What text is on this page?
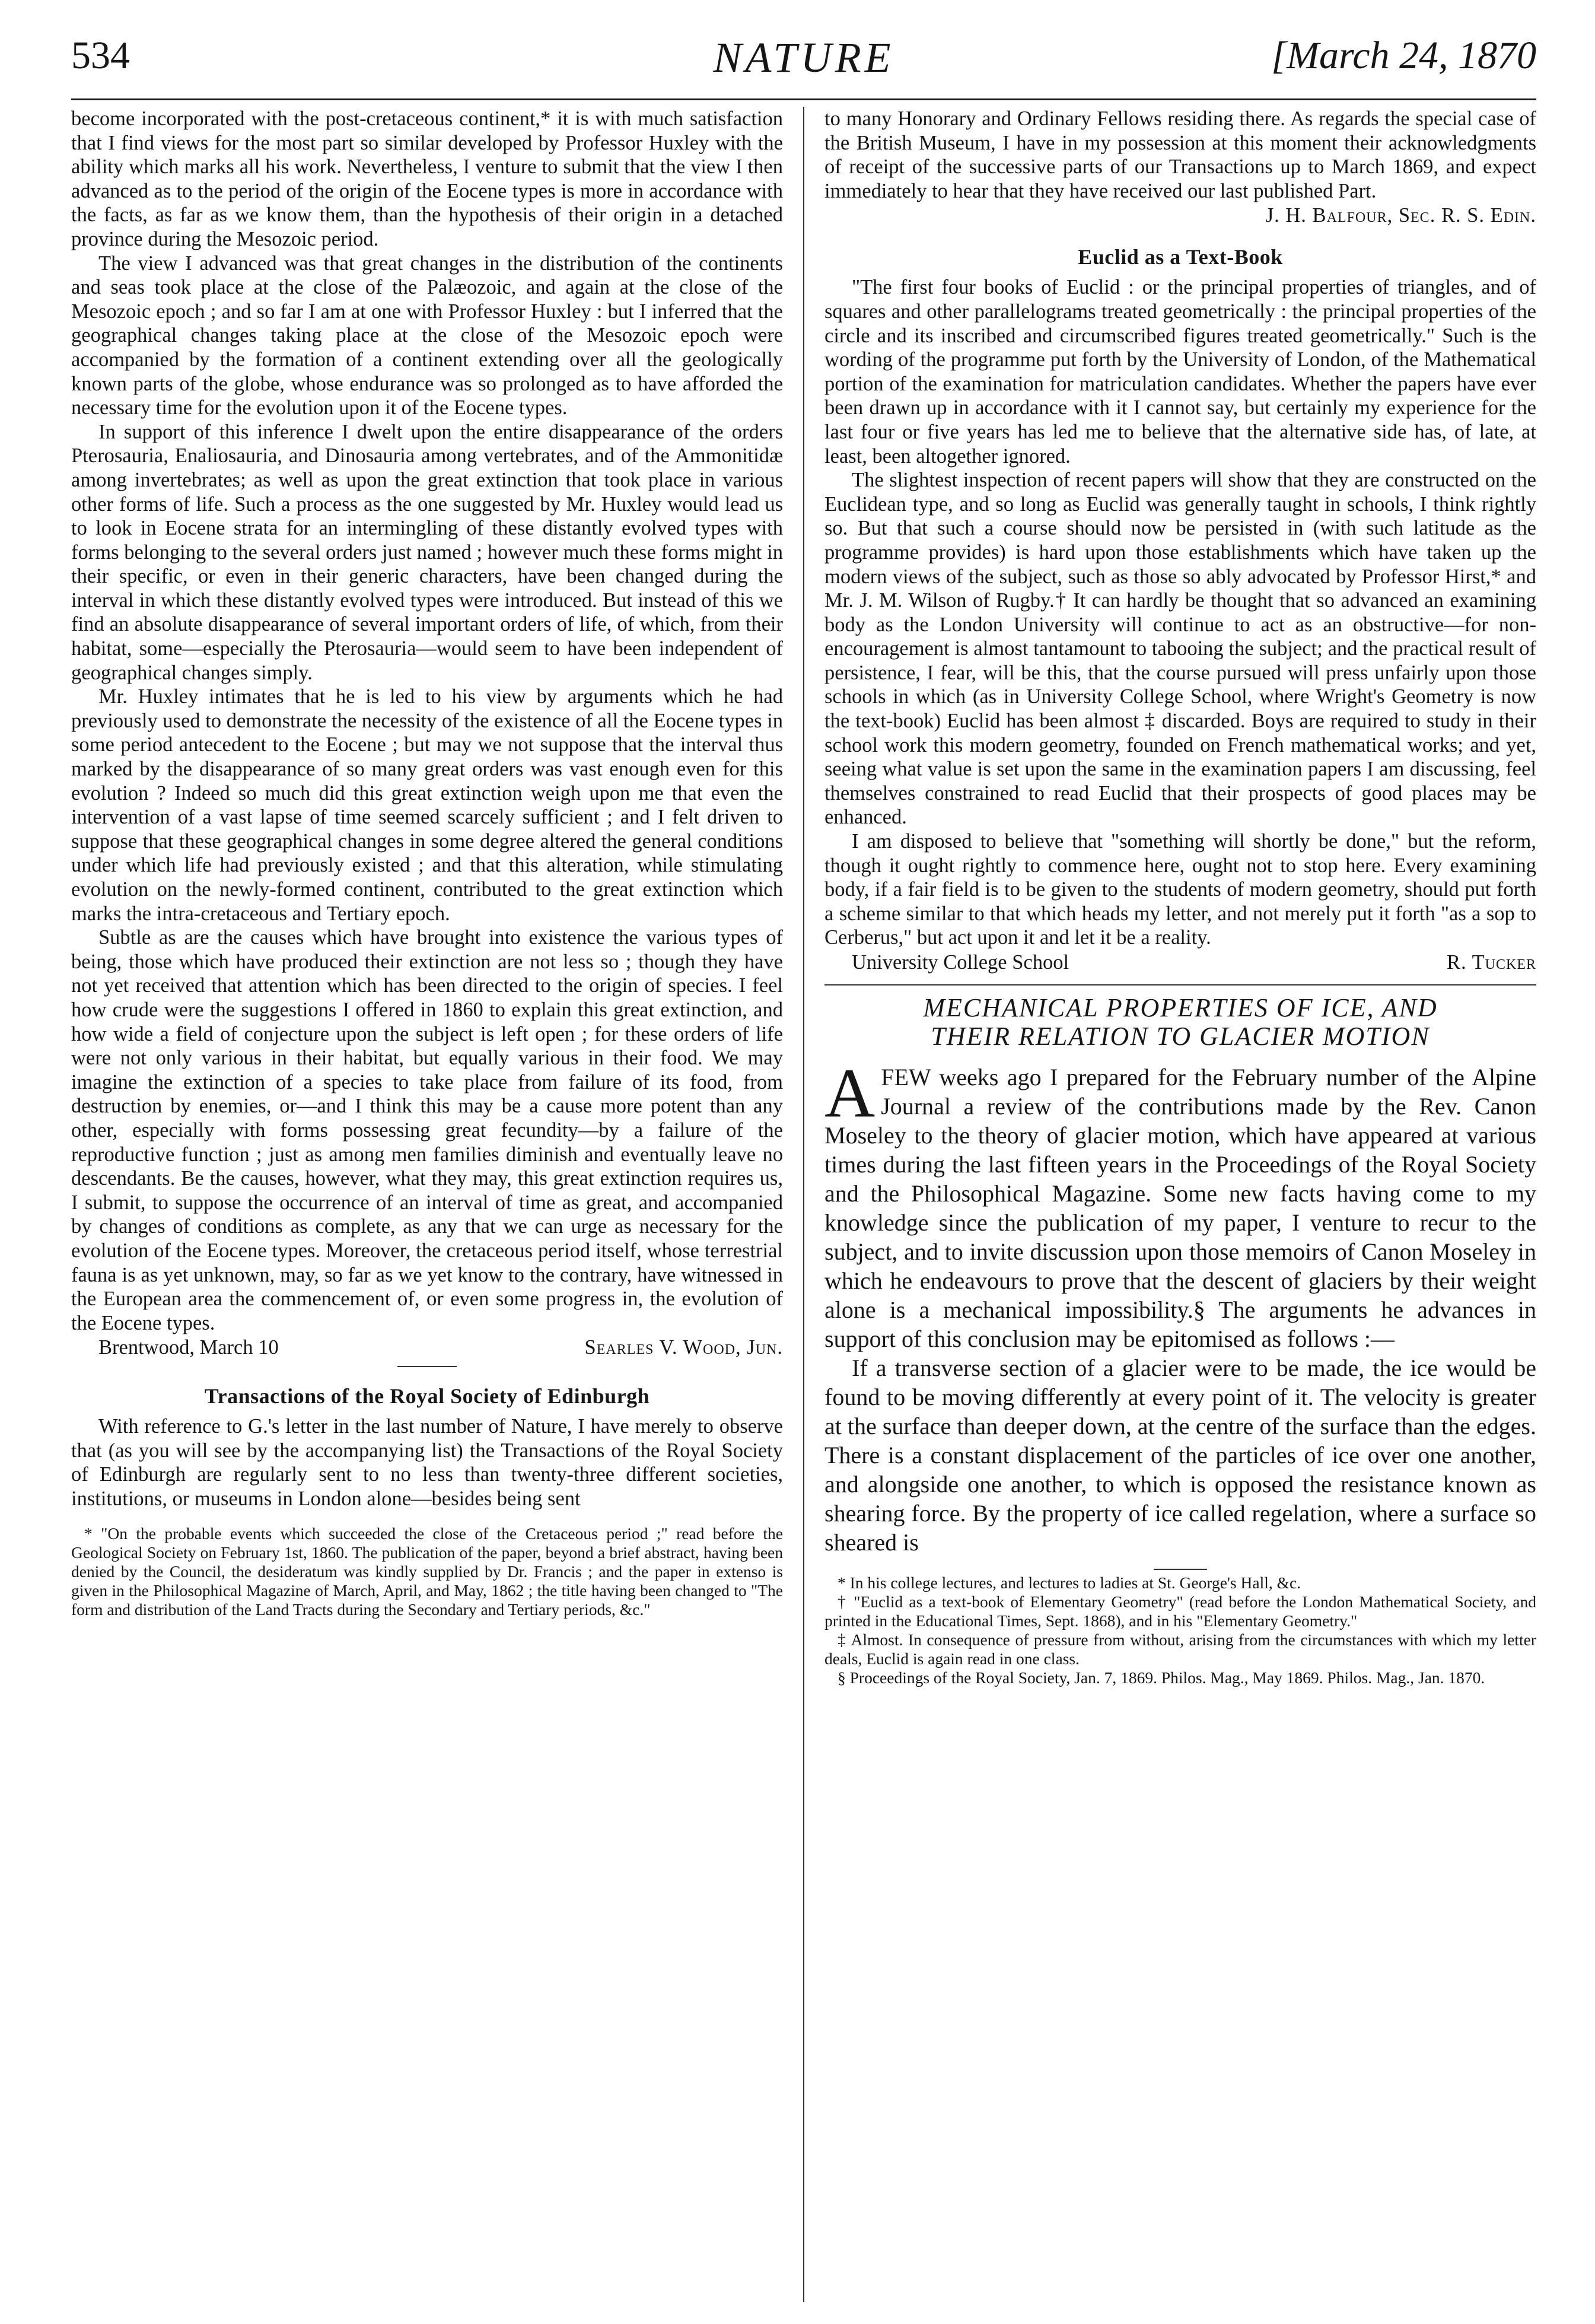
534	NATURE	[March 24, 1870

become incorporated with the post-cretaceous continent,* it is with much satisfaction that I find views for the most part so similar developed by Professor Huxley with the ability which marks all his work. Nevertheless, I venture to submit that the view I then advanced as to the period of the origin of the Eocene types is more in accordance with the facts, as far as we know them, than the hypothesis of their origin in a detached province during the Mesozoic period.

The view I advanced was that great changes in the distribution of the continents and seas took place at the close of the Palæozoic, and again at the close of the Mesozoic epoch ; and so far I am at one with Professor Huxley : but I inferred that the geographical changes taking place at the close of the Mesozoic epoch were accompanied by the formation of a continent extending over all the geologically known parts of the globe, whose endurance was so prolonged as to have afforded the necessary time for the evolution upon it of the Eocene types.

In support of this inference I dwelt upon the entire disappearance of the orders Pterosauria, Enaliosauria, and Dinosauria among vertebrates, and of the Ammonitidæ among invertebrates; as well as upon the great extinction that took place in various other forms of life. Such a process as the one suggested by Mr. Huxley would lead us to look in Eocene strata for an intermingling of these distantly evolved types with forms belonging to the several orders just named ; however much these forms might in their specific, or even in their generic characters, have been changed during the interval in which these distantly evolved types were introduced. But instead of this we find an absolute disappearance of several important orders of life, of which, from their habitat, some—especially the Pterosauria—would seem to have been independent of geographical changes simply.

Mr. Huxley intimates that he is led to his view by arguments which he had previously used to demonstrate the necessity of the existence of all the Eocene types in some period antecedent to the Eocene ; but may we not suppose that the interval thus marked by the disappearance of so many great orders was vast enough even for this evolution ? Indeed so much did this great extinction weigh upon me that even the intervention of a vast lapse of time seemed scarcely sufficient ; and I felt driven to suppose that these geographical changes in some degree altered the general conditions under which life had previously existed ; and that this alteration, while stimulating evolution on the newly-formed continent, contributed to the great extinction which marks the intra-cretaceous and Tertiary epoch.

Subtle as are the causes which have brought into existence the various types of being, those which have produced their extinction are not less so ; though they have not yet received that attention which has been directed to the origin of species. I feel how crude were the suggestions I offered in 1860 to explain this great extinction, and how wide a field of conjecture upon the subject is left open ; for these orders of life were not only various in their habitat, but equally various in their food. We may imagine the extinction of a species to take place from failure of its food, from destruction by enemies, or—and I think this may be a cause more potent than any other, especially with forms possessing great fecundity—by a failure of the reproductive function ; just as among men families diminish and eventually leave no descendants. Be the causes, however, what they may, this great extinction requires us, I submit, to suppose the occurrence of an interval of time as great, and accompanied by changes of conditions as complete, as any that we can urge as necessary for the evolution of the Eocene types. Moreover, the cretaceous period itself, whose terrestrial fauna is as yet unknown, may, so far as we yet know to the contrary, have witnessed in the European area the commencement of, or even some progress in, the evolution of the Eocene types.

Brentwood, March 10	Searles V. Wood, Jun.
Transactions of the Royal Society of Edinburgh

With reference to G.'s letter in the last number of Nature, I have merely to observe that (as you will see by the accompanying list) the Transactions of the Royal Society of Edinburgh are regularly sent to no less than twenty-three different societies, institutions, or museums in London alone—besides being sent

* "On the probable events which succeeded the close of the Cretaceous period ;" read before the Geological Society on February 1st, 1860. The publication of the paper, beyond a brief abstract, having been denied by the Council, the desideratum was kindly supplied by Dr. Francis ; and the paper in extenso is given in the Philosophical Magazine of March, April, and May, 1862 ; the title having been changed to "The form and distribution of the Land Tracts during the Secondary and Tertiary periods, &c."

to many Honorary and Ordinary Fellows residing there. As regards the special case of the British Museum, I have in my possession at this moment their acknowledgments of receipt of the successive parts of our Transactions up to March 1869, and expect immediately to hear that they have received our last published Part.

J. H. Balfour, Sec. R. S. Edin.
Euclid as a Text-Book

"The first four books of Euclid : or the principal properties of triangles, and of squares and other parallelograms treated geometrically : the principal properties of the circle and its inscribed and circumscribed figures treated geometrically." Such is the wording of the programme put forth by the University of London, of the Mathematical portion of the examination for matriculation candidates. Whether the papers have ever been drawn up in accordance with it I cannot say, but certainly my experience for the last four or five years has led me to believe that the alternative side has, of late, at least, been altogether ignored.

The slightest inspection of recent papers will show that they are constructed on the Euclidean type, and so long as Euclid was generally taught in schools, I think rightly so. But that such a course should now be persisted in (with such latitude as the programme provides) is hard upon those establishments which have taken up the modern views of the subject, such as those so ably advocated by Professor Hirst,* and Mr. J. M. Wilson of Rugby.† It can hardly be thought that so advanced an examining body as the London University will continue to act as an obstructive—for non-encouragement is almost tantamount to tabooing the subject; and the practical result of persistence, I fear, will be this, that the course pursued will press unfairly upon those schools in which (as in University College School, where Wright's Geometry is now the text-book) Euclid has been almost ‡ discarded. Boys are required to study in their school work this modern geometry, founded on French mathematical works; and yet, seeing what value is set upon the same in the examination papers I am discussing, feel themselves constrained to read Euclid that their prospects of good places may be enhanced.

I am disposed to believe that "something will shortly be done," but the reform, though it ought rightly to commence here, ought not to stop here. Every examining body, if a fair field is to be given to the students of modern geometry, should put forth a scheme similar to that which heads my letter, and not merely put it forth "as a sop to Cerberus," but act upon it and let it be a reality.

University College School	R. Tucker
MECHANICAL PROPERTIES OF ICE, AND
THEIR RELATION TO GLACIER MOTION

AFEW weeks ago I prepared for the February number of the Alpine Journal a review of the contributions made by the Rev. Canon Moseley to the theory of glacier motion, which have appeared at various times during the last fifteen years in the Proceedings of the Royal Society and the Philosophical Magazine. Some new facts having come to my knowledge since the publication of my paper, I venture to recur to the subject, and to invite discussion upon those memoirs of Canon Moseley in which he endeavours to prove that the descent of glaciers by their weight alone is a mechanical impossibility.§ The arguments he advances in support of this conclusion may be epitomised as follows :—

If a transverse section of a glacier were to be made, the ice would be found to be moving differently at every point of it. The velocity is greater at the surface than deeper down, at the centre of the surface than the edges. There is a constant displacement of the particles of ice over one another, and alongside one another, to which is opposed the resistance known as shearing force. By the property of ice called regelation, where a surface so sheared is

* In his college lectures, and lectures to ladies at St. George's Hall, &c.

† "Euclid as a text-book of Elementary Geometry" (read before the London Mathematical Society, and printed in the Educational Times, Sept. 1868), and in his "Elementary Geometry."

‡ Almost. In consequence of pressure from without, arising from the circumstances with which my letter deals, Euclid is again read in one class.

§ Proceedings of the Royal Society, Jan. 7, 1869. Philos. Mag., May 1869. Philos. Mag., Jan. 1870.
